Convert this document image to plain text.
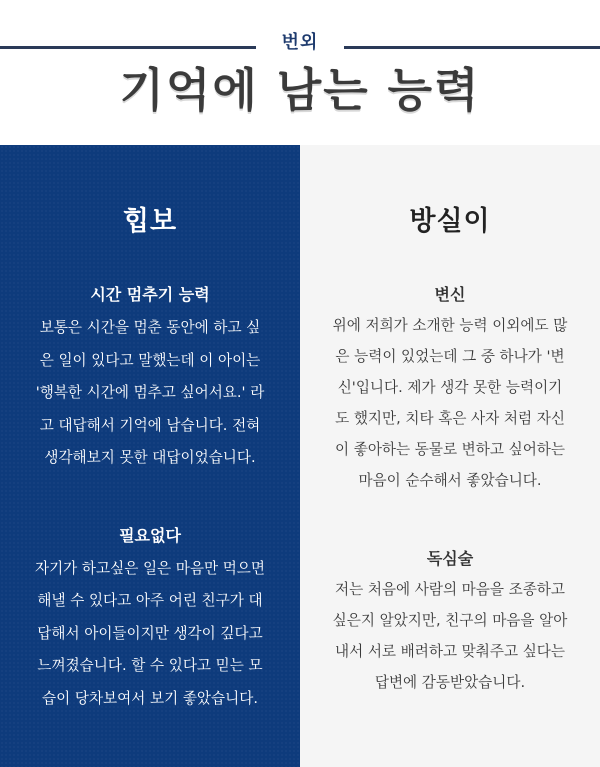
번외
기억에 남는 능력
힙보
시간 멈추기 능력

보통은 시간을 멈춘 동안에 하고 싶

은 일이 있다고 말했는데 이 아이는

'행복한 시간에 멈추고 싶어서요.' 라

고 대답해서 기억에 남습니다. 전혀

생각해보지 못한 대답이었습니다.

필요없다

자기가 하고싶은 일은 마음만 먹으면

해낼 수 있다고 아주 어린 친구가 대

답해서 아이들이지만 생각이 깊다고

느껴졌습니다. 할 수 있다고 믿는 모

습이 당차보여서 보기 좋았습니다.

방실이
변신

위에 저희가 소개한 능력 이외에도 많

은 능력이 있었는데 그 중 하나가 '변

신'입니다. 제가 생각 못한 능력이기

도 했지만, 치타 혹은 사자 처럼 자신

이 좋아하는 동물로 변하고 싶어하는

마음이 순수해서 좋았습니다.

독심술

저는 처음에 사람의 마음을 조종하고

싶은지 알았지만, 친구의 마음을 알아

내서 서로 배려하고 맞춰주고 싶다는

답변에 감동받았습니다.
